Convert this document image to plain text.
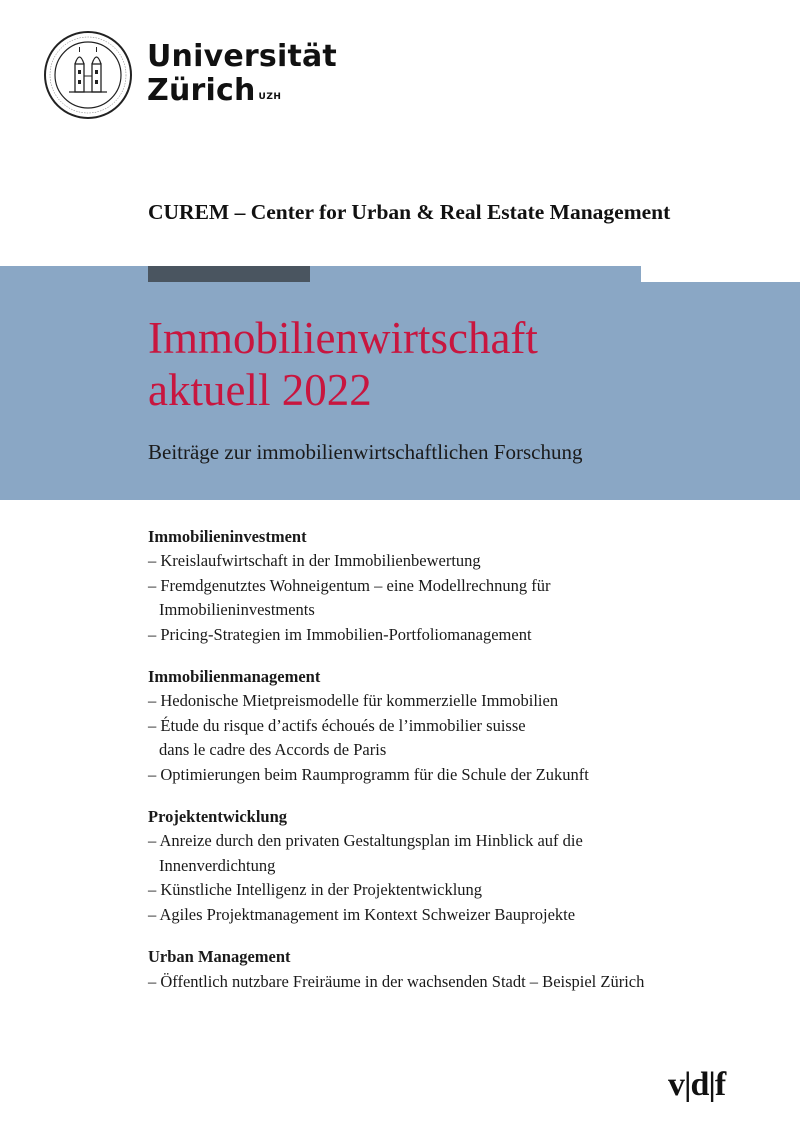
Universität
Zürich $^{UZH}$
CUREM – Center for Urban & Real Estate Management
Immobilienwirtschaft
aktuell 2022
Beiträge zur immobilienwirtschaftlichen Forschung
Immobilieninvestment
– Kreislaufwirtschaft in der Immobilienbewertung
– Fremdgenutztes Wohneigentum – eine Modellrechnung für
Immobilieninvestments
– Pricing-Strategien im Immobilien-Portfoliomanagement
Immobilienmanagement
– Hedonische Mietpreismodelle für kommerzielle Immobilien
– Étude du risque d’actifs échoués de l’immobilier suisse
dans le cadre des Accords de Paris
– Optimierungen beim Raumprogramm für die Schule der Zukunft
Projektentwicklung
– Anreize durch den privaten Gestaltungsplan im Hinblick auf die
Innenverdichtung
– Künstliche Intelligenz in der Projektentwicklung
– Agiles Projektmanagement im Kontext Schweizer Bauprojekte
Urban Management
– Öffentlich nutzbare Freiräume in der wachsenden Stadt – Beispiel Zürich
v|d|f
